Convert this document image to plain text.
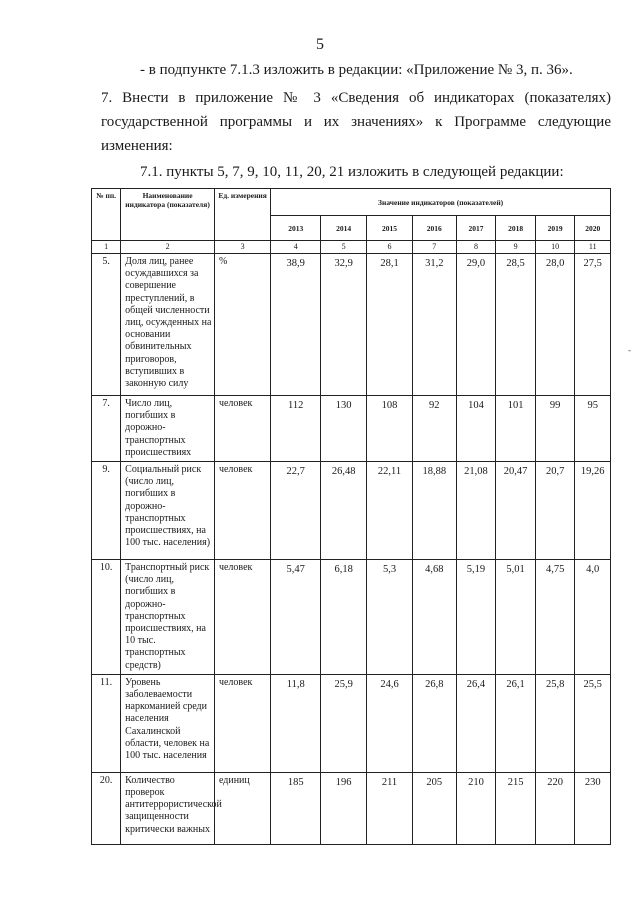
5
- в подпункте 7.1.3 изложить в редакции: «Приложение № 3, п. 36».
7. Внести в приложение № 3 «Сведения об индикаторах (показателях) государственной программы и их значениях» к Программе следующие изменения:
7.1. пункты 5, 7, 9, 10, 11, 20, 21 изложить в следующей редакции:
№ пп.	Наименование индикатора (показателя)	Ед. измерения	Значение индикаторов (показателей)							
			2013	2014	2015	2016	2017	2018	2019	2020
1	2	3	4	5	6	7	8	9	10	11
5.	Доля лиц, ранее осуждавшихся за совершение преступлений, в общей численности лиц, осужденных на основании обвинительных приговоров, вступивших в законную силу	%	38,9	32,9	28,1	31,2	29,0	28,5	28,0	27,5
7.	Число лиц, погибших в дорожно-транспортных происшествиях	человек	112	130	108	92	104	101	99	95
9.	Социальный риск (число лиц, погибших в дорожно-транспортных происшествиях, на 100 тыс. населения)	человек	22,7	26,48	22,11	18,88	21,08	20,47	20,7	19,26
10.	Транспортный риск (число лиц, погибших в дорожно-транспортных происшествиях, на 10 тыс. транспортных средств)	человек	5,47	6,18	5,3	4,68	5,19	5,01	4,75	4,0
11.	Уровень заболеваемости наркоманией среди населения Сахалинской области, человек на 100 тыс. населения	человек	11,8	25,9	24,6	26,8	26,4	26,1	25,8	25,5
20.	Количество проверок антитеррористической защищенности критически важных	единиц	185	196	211	205	210	215	220	230
-
